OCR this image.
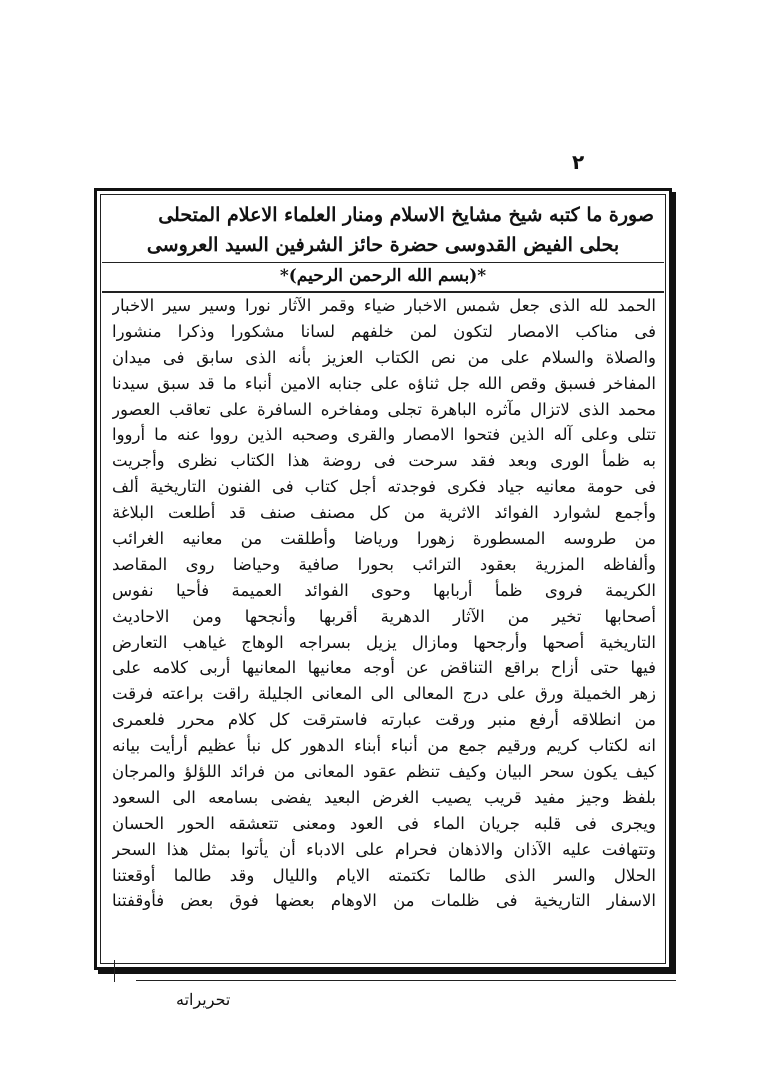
٢
صورة ما كتبه شيخ مشايخ الاسلام ومنار العلماء الاعلام المتحلى
بحلى الفيض القدوسى حضرة حائز الشرفين السيد العروسى
*(بسم الله الرحمن الرحيم)*
الحمد لله الذى جعل شمس الاخبار ضياء وقمر الآثار نورا وسير سير الاخبار
فى مناكب الامصار لتكون لمن خلفهم لسانا مشكورا وذكرا منشورا
والصلاة والسلام على من نص الكتاب العزيز بأنه الذى سابق فى ميدان
المفاخر فسبق وقص الله جل ثناؤه على جنابه الامين أنباء ما قد سبق سيدنا
محمد الذى لاتزال مآثره الباهرة تجلى ومفاخره السافرة على تعاقب العصور
تتلى وعلى آله الذين فتحوا الامصار والقرى وصحبه الذين رووا عنه ما أرووا
به ظمأ الورى وبعد فقد سرحت فى روضة هذا الكتاب نظرى وأجريت
فى حومة معانيه جياد فكرى فوجدته أجل كتاب فى الفنون التاريخية ألف
وأجمع لشوارد الفوائد الاثرية من كل مصنف صنف قد أطلعت البلاغة
من طروسه المسطورة زهورا ورياضا وأطلقت من معانيه الغرائب
وألفاظه المزرية بعقود الترائب بحورا صافية وحياضا روى المقاصد
الكريمة فروى ظمأ أربابها وحوى الفوائد العميمة فأحيا نفوس
أصحابها تخير من الآثار الدهرية أقربها وأنجحها ومن الاحاديث
التاريخية أصحها وأرجحها ومازال يزيل بسراجه الوهاج غياهب التعارض
فيها حتى أزاح براقع التناقض عن أوجه معانيها المعانيها أربى كلامه على
زهر الخميلة ورق على درج المعالى الى المعانى الجليلة راقت براعته فرقت
من انطلاقه أرفع منبر ورقت عبارته فاسترقت كل كلام محرر فلعمرى
انه لكتاب كريم ورقيم جمع من أنباء أبناء الدهور كل نبأ عظيم أرأيت بيانه
كيف يكون سحر البيان وكيف تنظم عقود المعانى من فرائد اللؤلؤ والمرجان
بلفظ وجيز مفيد قريب يصيب الغرض البعيد يفضى بسامعه الى السعود
ويجرى فى قلبه جريان الماء فى العود ومعنى تتعشقه الحور الحسان
وتتهافت عليه الآذان والاذهان فحرام على الادباء أن يأتوا بمثل هذا السحر
الحلال والسر الذى طالما تكتمته الايام والليال وقد طالما أوقعتنا
الاسفار التاريخية فى ظلمات من الاوهام بعضها فوق بعض فأوقفتنا
تحريراته
